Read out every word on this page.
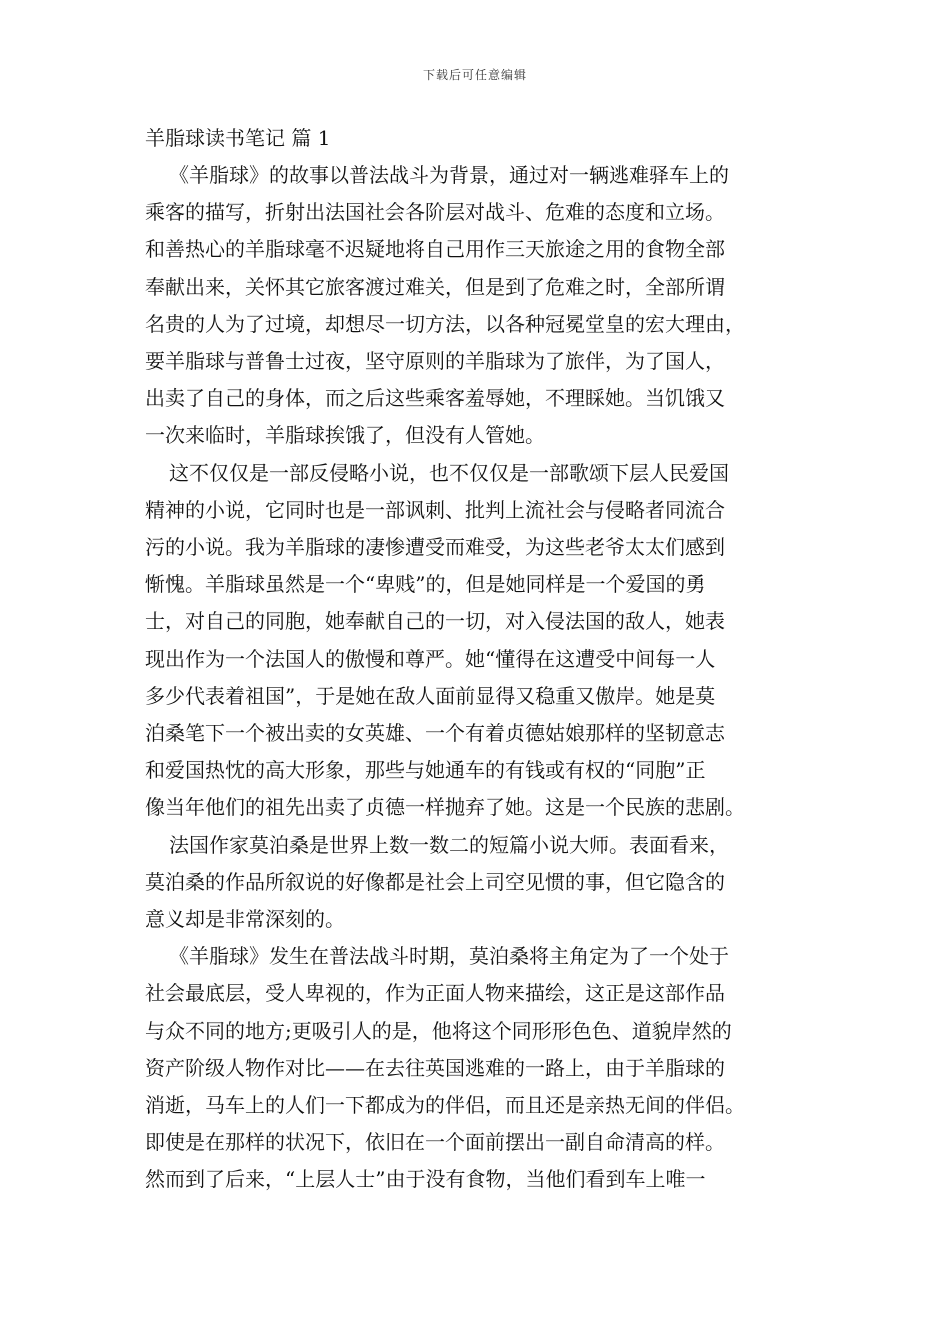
下载后可任意编辑
羊脂球读书笔记 篇 1

《羊脂球》的故事以普法战斗为背景，通过对一辆逃难驿车上的
乘客的描写，折射出法国社会各阶层对战斗、危难的态度和立场。
和善热心的羊脂球毫不迟疑地将自己用作三天旅途之用的食物全部
奉献出来，关怀其它旅客渡过难关，但是到了危难之时，全部所谓
名贵的人为了过境，却想尽一切方法，以各种冠冕堂皇的宏大理由，
要羊脂球与普鲁士过夜，坚守原则的羊脂球为了旅伴，为了国人，
出卖了自己的身体，而之后这些乘客羞辱她，不理睬她。当饥饿又
一次来临时，羊脂球挨饿了，但没有人管她。

这不仅仅是一部反侵略小说，也不仅仅是一部歌颂下层人民爱国
精神的小说，它同时也是一部讽刺、批判上流社会与侵略者同流合
污的小说。我为羊脂球的凄惨遭受而难受，为这些老爷太太们感到
惭愧。羊脂球虽然是一个“卑贱”的，但是她同样是一个爱国的勇
士，对自己的同胞，她奉献自己的一切，对入侵法国的敌人，她表
现出作为一个法国人的傲慢和尊严。她“懂得在这遭受中间每一人
多少代表着祖国”，于是她在敌人面前显得又稳重又傲岸。她是莫
泊桑笔下一个被出卖的女英雄、一个有着贞德姑娘那样的坚韧意志
和爱国热忱的高大形象，那些与她通车的有钱或有权的“同胞”正
像当年他们的祖先出卖了贞德一样抛弃了她。这是一个民族的悲剧。

法国作家莫泊桑是世界上数一数二的短篇小说大师。表面看来，
莫泊桑的作品所叙说的好像都是社会上司空见惯的事，但它隐含的
意义却是非常深刻的。

《羊脂球》发生在普法战斗时期，莫泊桑将主角定为了一个处于
社会最底层，受人卑视的，作为正面人物来描绘，这正是这部作品
与众不同的地方;更吸引人的是，他将这个同形形色色、道貌岸然的
资产阶级人物作对比——在去往英国逃难的一路上，由于羊脂球的
消逝，马车上的人们一下都成为的伴侣，而且还是亲热无间的伴侣。
即使是在那样的状况下，依旧在一个面前摆出一副自命清高的样。
然而到了后来，“上层人士”由于没有食物，当他们看到车上唯一
